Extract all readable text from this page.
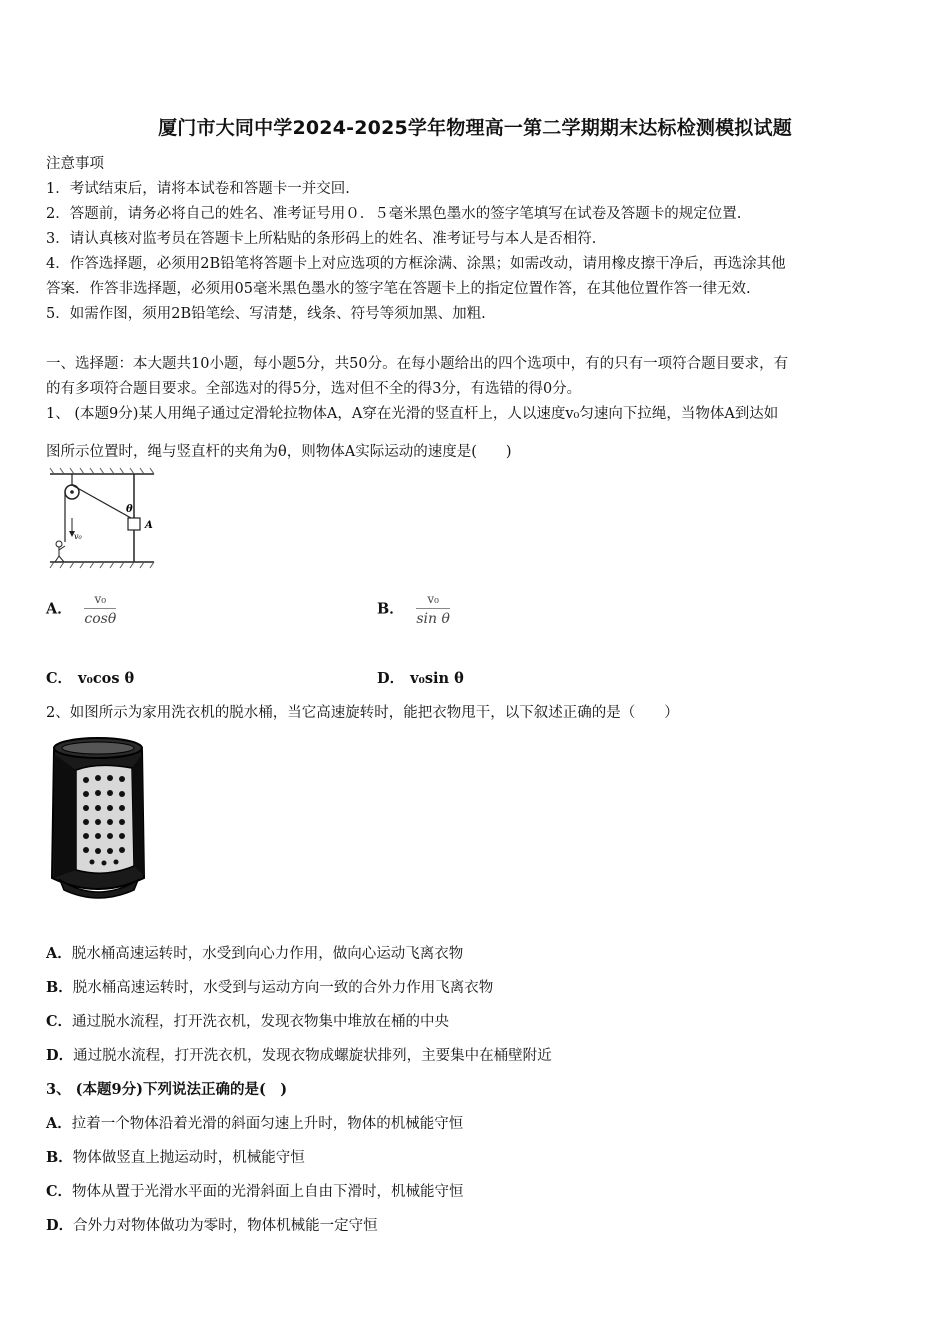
厦门市大同中学2024-2025学年物理高一第二学期期末达标检测模拟试题
注意事项
1．考试结束后，请将本试卷和答题卡一并交回.
2．答题前，请务必将自己的姓名、准考证号用０．５毫米黑色墨水的签字笔填写在试卷及答题卡的规定位置.
3．请认真核对监考员在答题卡上所粘贴的条形码上的姓名、准考证号与本人是否相符.
4．作答选择题，必须用2B铅笔将答题卡上对应选项的方框涂满、涂黑；如需改动，请用橡皮擦干净后，再选涂其他
答案．作答非选择题，必须用05毫米黑色墨水的签字笔在答题卡上的指定位置作答，在其他位置作答一律无效.
5．如需作图，须用2B铅笔绘、写清楚，线条、符号等须加黑、加粗.
一、选择题：本大题共10小题，每小题5分，共50分。在每小题给出的四个选项中，有的只有一项符合题目要求，有
的有多项符合题目要求。全部选对的得5分，选对但不全的得3分，有选错的得0分。
1、 (本题9分)某人用绳子通过定滑轮拉物体A，A穿在光滑的竖直杆上，人以速度v₀匀速向下拉绳，当物体A到达如
图所示位置时，绳与竖直杆的夹角为θ，则物体A实际运动的速度是(　　)
θ
A
v₀
A． $\frac{\text{v₀}}{\cos\theta}$	B． $\frac{\text{v₀}}{\text{sin θ}}$
C． v₀cos θ	D． v₀sin θ
2、如图所示为家用洗衣机的脱水桶，当它高速旋转时，能把衣物甩干，以下叙述正确的是（　　）
A．脱水桶高速运转时，水受到向心力作用，做向心运动飞离衣物
B．脱水桶高速运转时，水受到与运动方向一致的合外力作用飞离衣物
C．通过脱水流程，打开洗衣机，发现衣物集中堆放在桶的中央
D．通过脱水流程，打开洗衣机，发现衣物成螺旋状排列，主要集中在桶壁附近
3、 (本题9分)下列说法正确的是(　)
A．拉着一个物体沿着光滑的斜面匀速上升时，物体的机械能守恒
B．物体做竖直上抛运动时，机械能守恒
C．物体从置于光滑水平面的光滑斜面上自由下滑时，机械能守恒
D．合外力对物体做功为零时，物体机械能一定守恒
